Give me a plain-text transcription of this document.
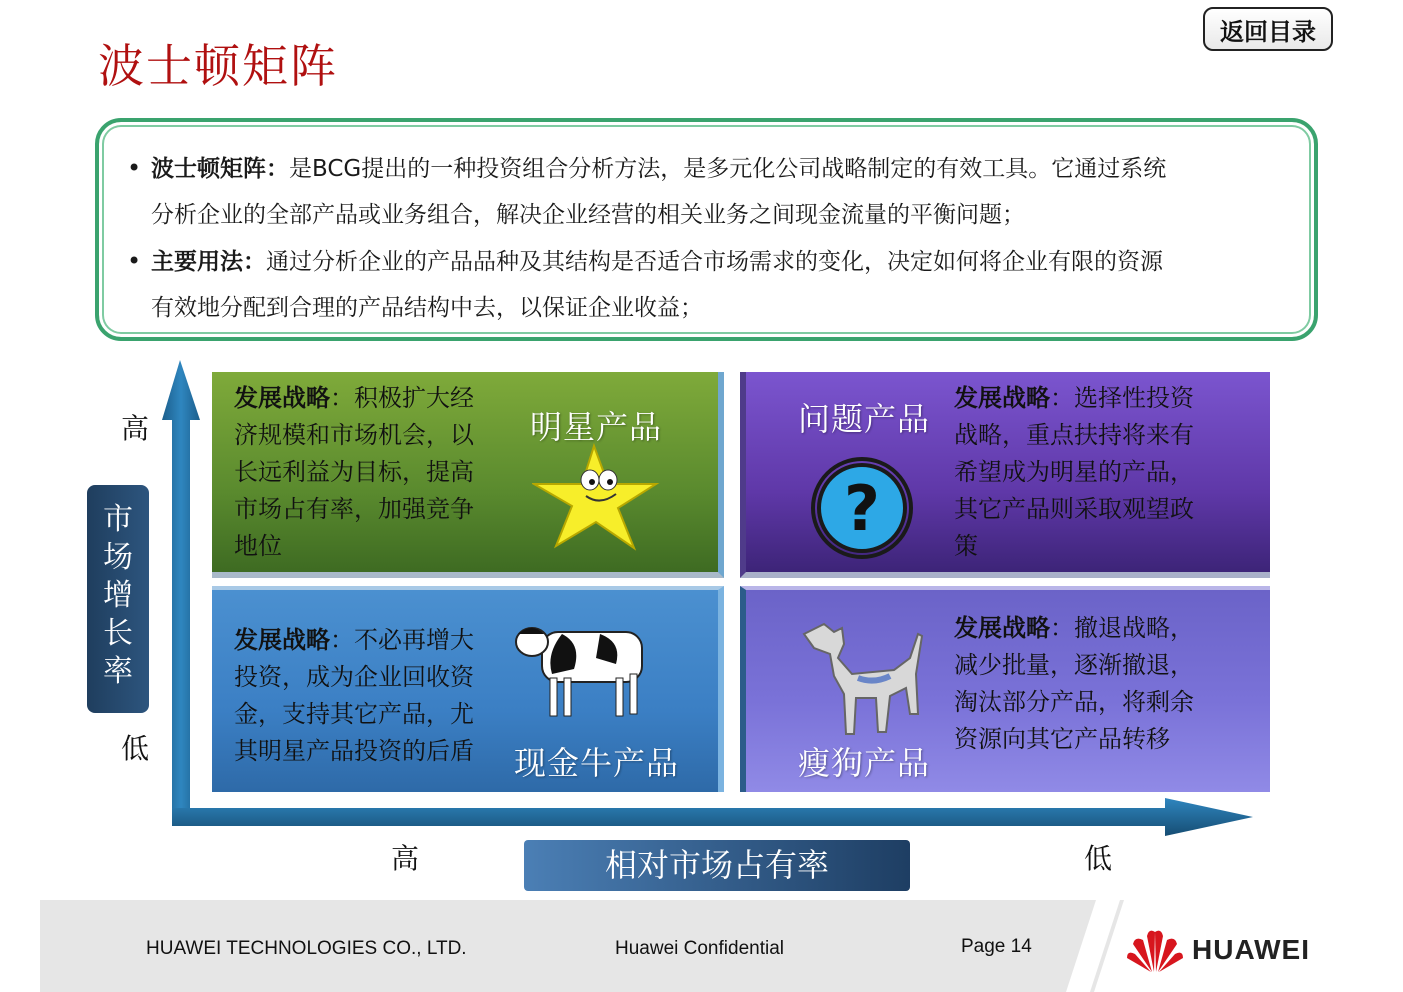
波士顿矩阵
返回目录
• 波士顿矩阵：是BCG提出的一种投资组合分析方法，是多元化公司战略制定的有效工具。它通过系统
分析企业的全部产品或业务组合，解决企业经营的相关业务之间现金流量的平衡问题；
• 主要用法：通过分析企业的产品品种及其结构是否适合市场需求的变化，决定如何将企业有限的资源
有效地分配到合理的产品结构中去，以保证企业收益；
市
场
增
长
率
高
低
相对市场占有率
高	低
发展战略：积极扩大经
济规模和市场机会，以
长远利益为目标，提高
市场占有率，加强竞争
地位
明星产品	问题产品
?
发展战略：选择性投资
战略，重点扶持将来有
希望成为明星的产品，
其它产品则采取观望政
策
发展战略：不必再增大
投资，成为企业回收资
金，支持其它产品，尤
其明星产品投资的后盾	现金牛产品
发展战略：撤退战略，
减少批量，逐渐撤退，
淘汰部分产品，将剩余
资源向其它产品转移
瘦狗产品
HUAWEI TECHNOLOGIES CO., LTD.	Huawei Confidential	Page 14	HUAWEI
